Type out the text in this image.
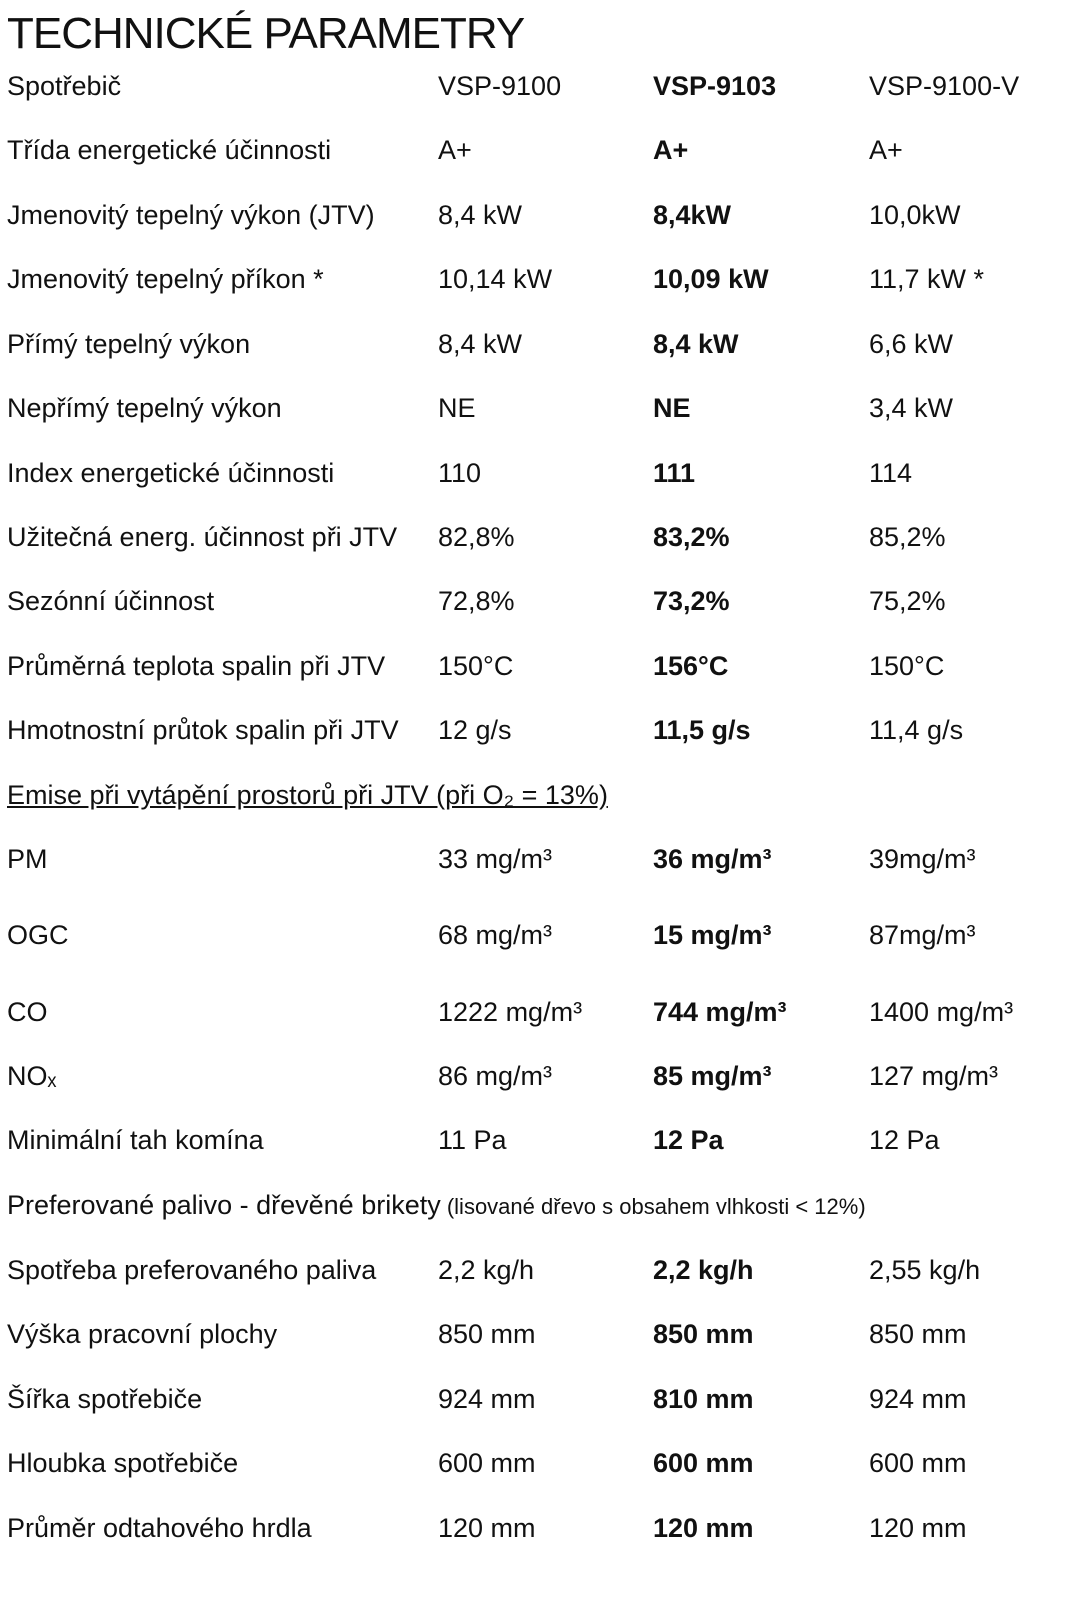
TECHNICKÉ PARAMETRY
Spotřebič	VSP-9100	VSP-9103	VSP-9100-V
Třída energetické účinnosti	A+	A+	A+
Jmenovitý tepelný výkon (JTV) 8,4 kW	8,4kW	10,0kW
Jmenovitý tepelný příkon *	10,14 kW	10,09 kW	11,7 kW *
Přímý tepelný výkon	8,4 kW	8,4 kW	6,6 kW
Nepřímý tepelný výkon	NE	NE	3,4 kW
Index energetické účinnosti	110	111	114
Užitečná energ. účinnost při JTV 82,8%	83,2%	85,2%
Sezónní účinnost	72,8%	73,2%	75,2%
Průměrná teplota spalin při JTV 150°C	156°C	150°C
Hmotnostní průtok spalin při JTV 12 g/s	11,5 g/s	11,4 g/s
Emise při vytápění prostorů při JTV (při O₂ = 13%)
PM	33 mg/m³	36 mg/m³	39mg/m³
OGC	68 mg/m³	15 mg/m³	87mg/m³
CO	1222 mg/m³	744 mg/m³	1400 mg/m³
NOₓ	86 mg/m³	85 mg/m³	127 mg/m³
Minimální tah komína	11 Pa	12 Pa	12 Pa
Preferované palivo - dřevěné brikety (lisované dřevo s obsahem vlhkosti < 12%)
Spotřeba preferovaného paliva 2,2 kg/h	2,2 kg/h	2,55 kg/h
Výška pracovní plochy	850 mm	850 mm	850 mm
Šířka spotřebiče	924 mm	810 mm	924 mm
Hloubka spotřebiče	600 mm	600 mm	600 mm
Průměr odtahového hrdla	120 mm	120 mm	120 mm
